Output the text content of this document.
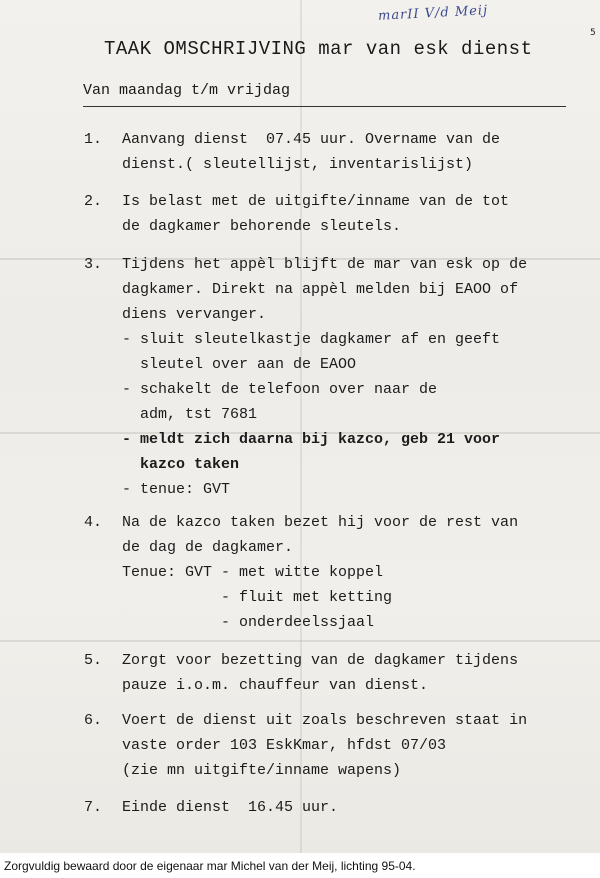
marII V/d Meij
5
TAAK OMSCHRIJVING mar van esk dienst
Van maandag t/m vrijdag
1. Aanvang dienst  07.45 uur. Overname van de
dienst.( sleutellijst, inventarislijst)
2. Is belast met de uitgifte/inname van de tot
de dagkamer behorende sleutels.
3. Tijdens het appèl blijft de mar van esk op de
dagkamer. Direkt na appèl melden bij EAOO of
diens vervanger.
- sluit sleutelkastje dagkamer af en geeft
sleutel over aan de EAOO
- schakelt de telefoon over naar de
adm, tst 7681
- meldt zich daarna bij kazco, geb 21 voor
kazco taken
- tenue: GVT
4. Na de kazco taken bezet hij voor de rest van
de dag de dagkamer.
Tenue: GVT - met witte koppel
- fluit met ketting
- onderdeelssjaal
5. Zorgt voor bezetting van de dagkamer tijdens
pauze i.o.m. chauffeur van dienst.
6. Voert de dienst uit zoals beschreven staat in
vaste order 103 EskKmar, hfdst 07/03
(zie mn uitgifte/inname wapens)
7. Einde dienst  16.45 uur.
Zorgvuldig bewaard door de eigenaar mar Michel van der Meij, lichting 95-04.
